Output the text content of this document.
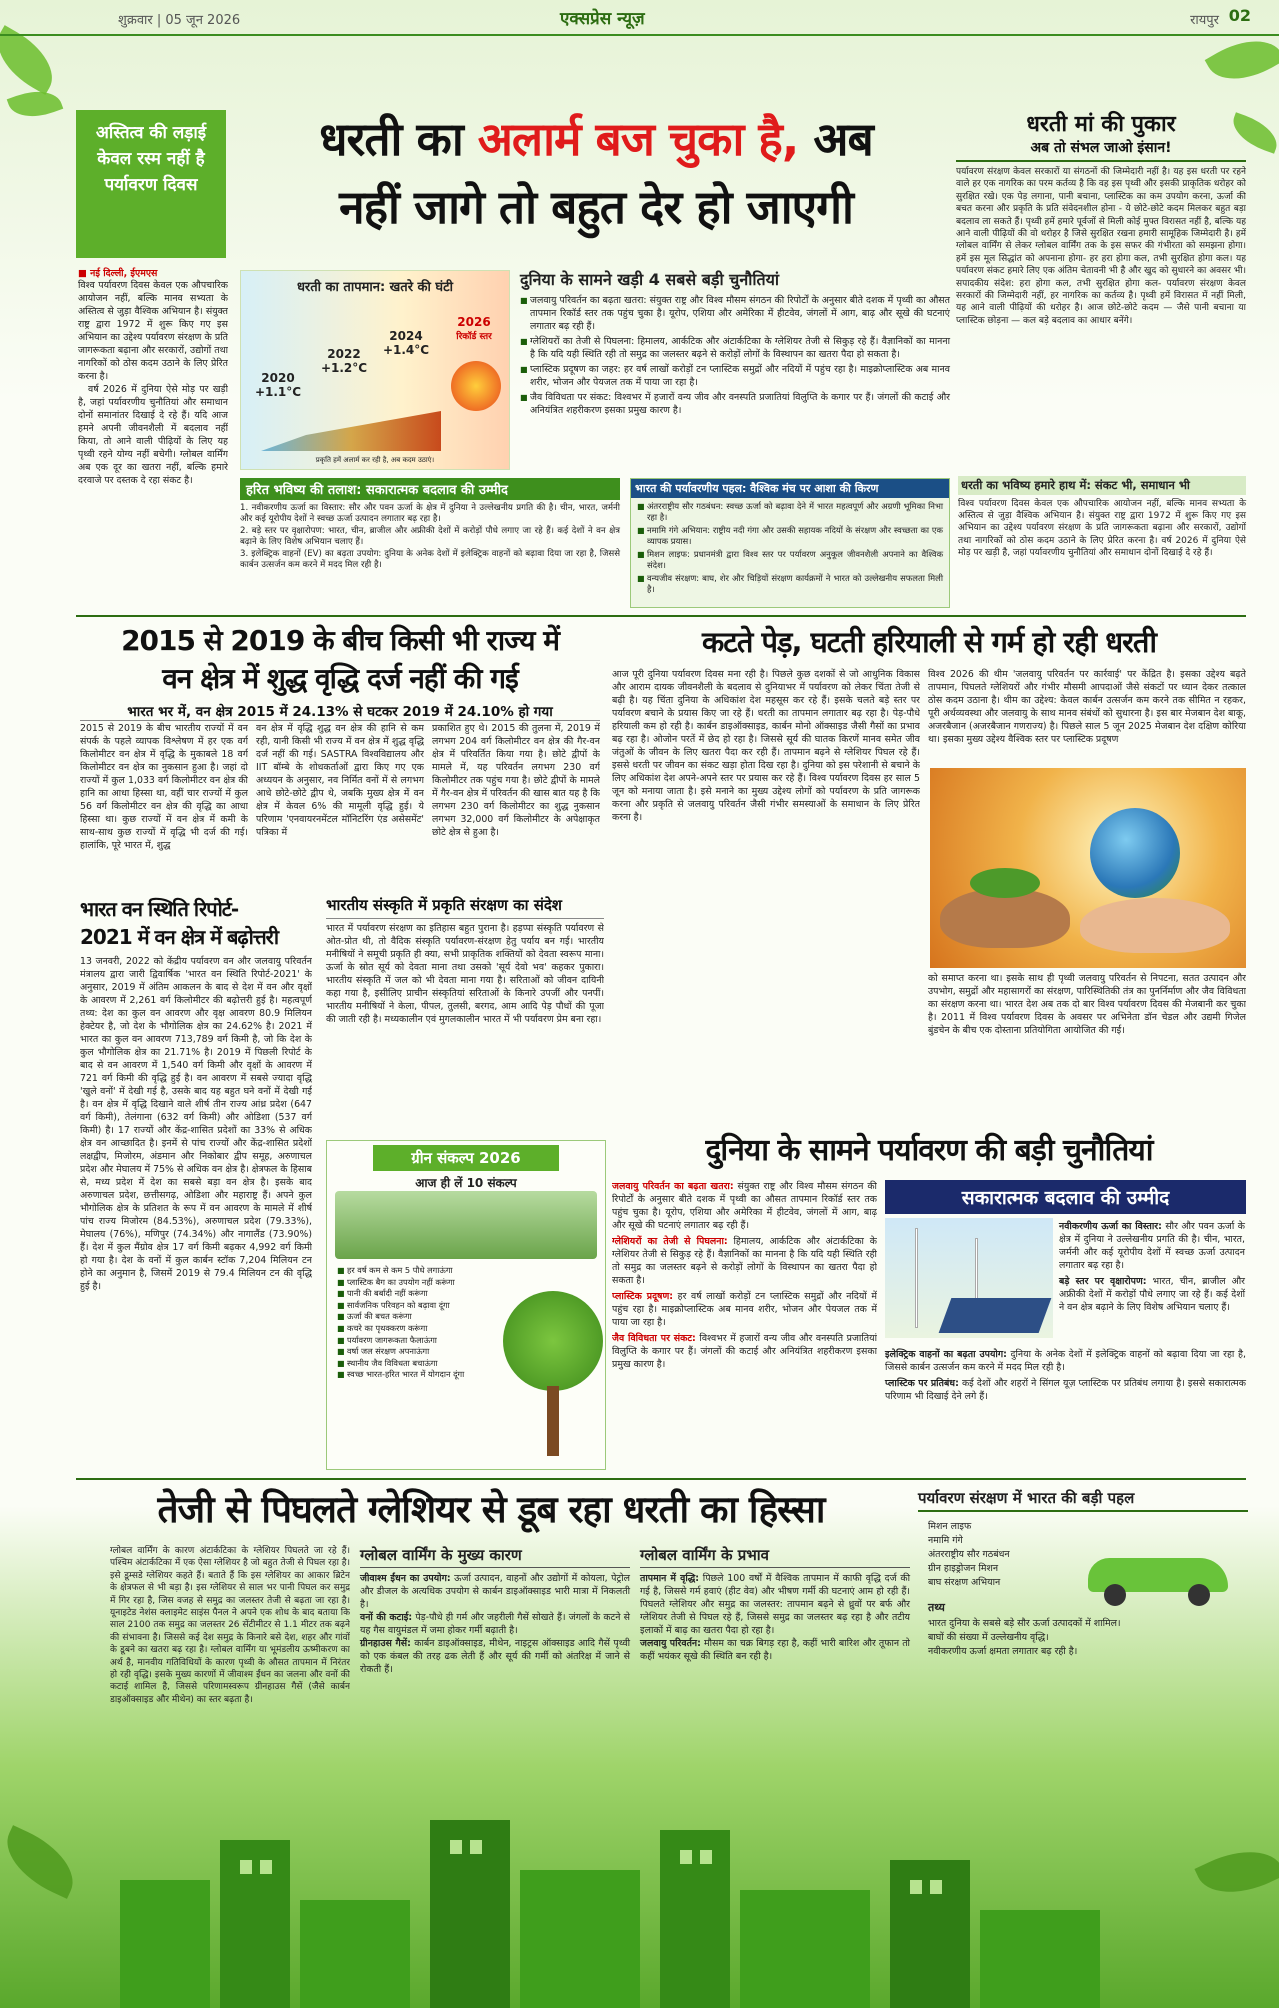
शुक्रवार | 05 जून 2026	एक्सप्रेस न्यूज़	रायपुर 02
अस्तित्व की लड़ाई केवल रस्म नहीं है पर्यावरण दिवस
धरती का अलार्म बज चुका है, अब
नहीं जागे तो बहुत देर हो जाएगी
धरती मां की पुकार
अब तो संभल जाओ इंसान!
पर्यावरण संरक्षण केवल सरकारों या संगठनों की जिम्मेदारी नहीं है। यह इस धरती पर रहने वाले हर एक नागरिक का परम कर्तव्य है कि वह इस पृथ्वी और इसकी प्राकृतिक धरोहर को सुरक्षित रखे। एक पेड़ लगाना, पानी बचाना, प्लास्टिक का कम उपयोग करना, ऊर्जा की बचत करना और प्रकृति के प्रति संवेदनशील होना - ये छोटे-छोटे कदम मिलकर बहुत बड़ा बदलाव ला सकते हैं। पृथ्वी हमें हमारे पूर्वजों से मिली कोई मुफ्त विरासत नहीं है, बल्कि यह आने वाली पीढ़ियों की वो धरोहर है जिसे सुरक्षित रखना हमारी सामूहिक जिम्मेदारी है। हमें ग्लोबल वार्मिंग से लेकर ग्लोबल वार्मिंग तक के इस सफर की गंभीरता को समझना होगा। हमें इस मूल सिद्धांत को अपनाना होगा- हर हरा होगा कल, तभी सुरक्षित होगा कल। यह पर्यावरण संकट हमारे लिए एक अंतिम चेतावनी भी है और खुद को सुधारने का अवसर भी। सपादकीय संदेश: हरा होगा कल, तभी सुरक्षित होगा कल- पर्यावरण संरक्षण केवल सरकारों की जिम्मेदारी नहीं, हर नागरिक का कर्तव्य है। पृथ्वी हमें विरासत में नहीं मिली, यह आने वाली पीढ़ियों की धरोहर है। आज छोटे-छोटे कदम — जैसे पानी बचाना या प्लास्टिक छोड़ना — कल बड़े बदलाव का आधार बनेंगे।
■ नई दिल्ली, ईएमएस
विश्व पर्यावरण दिवस केवल एक औपचारिक आयोजन नहीं, बल्कि मानव सभ्यता के अस्तित्व से जुड़ा वैश्विक अभियान है। संयुक्त राष्ट्र द्वारा 1972 में शुरू किए गए इस अभियान का उद्देश्य पर्यावरण संरक्षण के प्रति जागरूकता बढ़ाना और सरकारों, उद्योगों तथा नागरिकों को ठोस कदम उठाने के लिए प्रेरित करना है।
वर्ष 2026 में दुनिया ऐसे मोड़ पर खड़ी है, जहां पर्यावरणीय चुनौतियां और समाधान दोनों समानांतर दिखाई दे रहे हैं। यदि आज हमने अपनी जीवनशैली में बदलाव नहीं किया, तो आने वाली पीढ़ियों के लिए यह पृथ्वी रहने योग्य नहीं बचेगी। ग्लोबल वार्मिंग अब एक दूर का खतरा नहीं, बल्कि हमारे दरवाजे पर दस्तक दे रहा संकट है।
धरती का तापमान: खतरे की घंटी
2020
+1.1°C
2022
+1.2°C
2024
+1.4°C
2026
रिकॉर्ड स्तर
प्रकृति हमें अलार्म कर रही है, अब कदम उठाएं।
दुनिया के सामने खड़ी 4 सबसे बड़ी चुनौतियां
■ जलवायु परिवर्तन का बढ़ता खतरा: संयुक्त राष्ट्र और विश्व मौसम संगठन की रिपोर्टों के अनुसार बीते दशक में पृथ्वी का औसत तापमान रिकॉर्ड स्तर तक पहुंच चुका है। यूरोप, एशिया और अमेरिका में हीटवेव, जंगलों में आग, बाढ़ और सूखे की घटनाएं लगातार बढ़ रही हैं।
■ ग्लेशियरों का तेजी से पिघलना: हिमालय, आर्कटिक और अंटार्कटिका के ग्लेशियर तेजी से सिकुड़ रहे हैं। वैज्ञानिकों का मानना है कि यदि यही स्थिति रही तो समुद्र का जलस्तर बढ़ने से करोड़ों लोगों के विस्थापन का खतरा पैदा हो सकता है।
■ प्लास्टिक प्रदूषण का जहर: हर वर्ष लाखों करोड़ों टन प्लास्टिक समुद्रों और नदियों में पहुंच रहा है। माइक्रोप्लास्टिक अब मानव शरीर, भोजन और पेयजल तक में पाया जा रहा है।
■ जैव विविधता पर संकट: विश्वभर में हजारों वन्य जीव और वनस्पति प्रजातियां विलुप्ति के कगार पर हैं। जंगलों की कटाई और अनियंत्रित शहरीकरण इसका प्रमुख कारण है।
हरित भविष्य की तलाश: सकारात्मक बदलाव की उम्मीद
1. नवीकरणीय ऊर्जा का विस्तार: सौर और पवन ऊर्जा के क्षेत्र में दुनिया ने उल्लेखनीय प्रगति की है। चीन, भारत, जर्मनी और कई यूरोपीय देशों ने स्वच्छ ऊर्जा उत्पादन लगातार बढ़ रहा है।
2. बड़े स्तर पर वृक्षारोपण: भारत, चीन, ब्राजील और अफ्रीकी देशों में करोड़ों पौधे लगाए जा रहे हैं। कई देशों ने वन क्षेत्र बढ़ाने के लिए विशेष अभियान चलाए हैं।
3. इलेक्ट्रिक वाहनों (EV) का बढ़ता उपयोग: दुनिया के अनेक देशों में इलेक्ट्रिक वाहनों को बढ़ावा दिया जा रहा है, जिससे कार्बन उत्सर्जन कम करने में मदद मिल रही है।
भारत की पर्यावरणीय पहल: वैश्विक मंच पर आशा की किरण
■ अंतरराष्ट्रीय सौर गठबंधन: स्वच्छ ऊर्जा को बढ़ावा देने में भारत महत्वपूर्ण और अग्रणी भूमिका निभा रहा है।
■ नमामि गंगे अभियान: राष्ट्रीय नदी गंगा और उसकी सहायक नदियों के संरक्षण और स्वच्छता का एक व्यापक प्रयास।
■ मिशन लाइफ: प्रधानमंत्री द्वारा विश्व स्तर पर पर्यावरण अनुकूल जीवनशैली अपनाने का वैश्विक संदेश।
■ वन्यजीव संरक्षण: बाघ, शेर और चिड़ियों संरक्षण कार्यक्रमों ने भारत को उल्लेखनीय सफलता मिली है।
धरती का भविष्य हमारे हाथ में: संकट भी, समाधान भी
विश्व पर्यावरण दिवस केवल एक औपचारिक आयोजन नहीं, बल्कि मानव सभ्यता के अस्तित्व से जुड़ा वैश्विक अभियान है। संयुक्त राष्ट्र द्वारा 1972 में शुरू किए गए इस अभियान का उद्देश्य पर्यावरण संरक्षण के प्रति जागरूकता बढ़ाना और सरकारों, उद्योगों तथा नागरिकों को ठोस कदम उठाने के लिए प्रेरित करना है। वर्ष 2026 में दुनिया ऐसे मोड़ पर खड़ी है, जहां पर्यावरणीय चुनौतियां और समाधान दोनों दिखाई दे रहे हैं।
2015 से 2019 के बीच किसी भी राज्य में
वन क्षेत्र में शुद्ध वृद्धि दर्ज नहीं की गई
भारत भर में, वन क्षेत्र 2015 में 24.13% से घटकर 2019 में 24.10% हो गया
2015 से 2019 के बीच भारतीय राज्यों में वन संपर्क के पहले व्यापक विश्लेषण में हर एक वर्ग किलोमीटर वन क्षेत्र में वृद्धि के मुकाबले 18 वर्ग किलोमीटर वन क्षेत्र का नुकसान हुआ है। जहां दो राज्यों में कुल 1,033 वर्ग किलोमीटर वन क्षेत्र की हानि का आधा हिस्सा था, वहीं चार राज्यों में कुल 56 वर्ग किलोमीटर वन क्षेत्र की वृद्धि का आधा हिस्सा था। कुछ राज्यों में वन क्षेत्र में कमी के साथ-साथ कुछ राज्यों में वृद्धि भी दर्ज की गई। हालांकि, पूरे भारत में, शुद्ध
वन क्षेत्र में वृद्धि शुद्ध वन क्षेत्र की हानि से कम रही, यानी किसी भी राज्य में वन क्षेत्र में शुद्ध वृद्धि दर्ज नहीं की गई। SASTRA विश्वविद्यालय और IIT बॉम्बे के शोधकर्ताओं द्वारा किए गए एक अध्ययन के अनुसार, नव निर्मित वनों में से लगभग आधे छोटे-छोटे द्वीप थे, जबकि मुख्य क्षेत्र में वन क्षेत्र में केवल 6% की मामूली वृद्धि हुई। ये परिणाम 'एनवायरनमेंटल मॉनिटरिंग एंड असेसमेंट' पत्रिका में
प्रकाशित हुए थे। 2015 की तुलना में, 2019 में लगभग 204 वर्ग किलोमीटर वन क्षेत्र की गैर-वन क्षेत्र में परिवर्तित किया गया है। छोटे द्वीपों के मामले में, यह परिवर्तन लगभग 230 वर्ग किलोमीटर तक पहुंच गया है। छोटे द्वीपों के मामले में गैर-वन क्षेत्र में परिवर्तन की खास बात यह है कि लगभग 230 वर्ग किलोमीटर का शुद्ध नुकसान लगभग 32,000 वर्ग किलोमीटर के अपेक्षाकृत छोटे क्षेत्र से हुआ है।
कटते पेड़, घटती हरियाली से गर्म हो रही धरती
आज पूरी दुनिया पर्यावरण दिवस मना रही है। पिछले कुछ दशकों से जो आधुनिक विकास और आराम दायक जीवनशैली के बदलाव से दुनियाभर में पर्यावरण को लेकर चिंता तेजी से बढ़ी है। यह चिंता दुनिया के अधिकांश देश महसूस कर रहे हैं। इसके चलते बड़े स्तर पर पर्यावरण बचाने के प्रयास किए जा रहे हैं। धरती का तापमान लगातार बढ़ रहा है। पेड़-पौधे हरियाली कम हो रही है। कार्बन डाइऑक्साइड, कार्बन मोनो ऑक्साइड जैसी गैसों का प्रभाव बढ़ रहा है। ओजोन परतें में छेद हो रहा है। जिससे सूर्य की घातक किरणें मानव समेत जीव जंतुओं के जीवन के लिए खतरा पैदा कर रही हैं। तापमान बढ़ने से ग्लेशियर पिघल रहे हैं। इससे धरती पर जीवन का संकट खड़ा होता दिख रहा है। दुनिया को इस परेशानी से बचाने के लिए अधिकांश देश अपने-अपने स्तर पर प्रयास कर रहे हैं। विश्व पर्यावरण दिवस हर साल 5 जून को मनाया जाता है। इसे मनाने का मुख्य उद्देश्य लोगों को पर्यावरण के प्रति जागरूक करना और प्रकृति से जलवायु परिवर्तन जैसी गंभीर समस्याओं के समाधान के लिए प्रेरित करना है।
विश्व 2026 की थीम 'जलवायु परिवर्तन पर कार्रवाई' पर केंद्रित है। इसका उद्देश्य बढ़ते तापमान, पिघलते ग्लेशियरों और गंभीर मौसमी आपदाओं जैसे संकटों पर ध्यान देकर तत्काल ठोस कदम उठाना है। थीम का उद्देश्य: केवल कार्बन उत्सर्जन कम करने तक सीमित न रहकर, पूरी अर्थव्यवस्था और जलवायु के साथ मानव संबंधों को सुधारना है। इस बार मेजबान देश बाकू, अजरबैजान (अजरबैजान गणराज्य) है। पिछले साल 5 जून 2025 मेजबान देश दक्षिण कोरिया था। इसका मुख्य उद्देश्य वैश्विक स्तर पर प्लास्टिक प्रदूषण
को समाप्त करना था। इसके साथ ही पृथ्वी जलवायु परिवर्तन से निपटना, सतत उत्पादन और उपभोग, समुद्रों और महासागरों का संरक्षण, पारिस्थितिकी तंत्र का पुनर्निर्माण और जैव विविधता का संरक्षण करना था। भारत देश अब तक दो बार विश्व पर्यावरण दिवस की मेजबानी कर चुका है। 2011 में विश्व पर्यावरण दिवस के अवसर पर अभिनेता डॉन चेडल और उद्यमी गिजेल बुंडचेन के बीच एक दोस्ताना प्रतियोगिता आयोजित की गई।
भारत वन स्थिति रिपोर्ट-
2021 में वन क्षेत्र में बढ़ोत्तरी
13 जनवरी, 2022 को केंद्रीय पर्यावरण वन और जलवायु परिवर्तन मंत्रालय द्वारा जारी द्विवार्षिक 'भारत वन स्थिति रिपोर्ट-2021' के अनुसार, 2019 में अंतिम आकलन के बाद से देश में वन और वृक्षों के आवरण में 2,261 वर्ग किलोमीटर की बढ़ोत्तरी हुई है। महत्वपूर्ण तथ्य: देश का कुल वन आवरण और वृक्ष आवरण 80.9 मिलियन हेक्टेयर है, जो देश के भौगोलिक क्षेत्र का 24.62% है। 2021 में भारत का कुल वन आवरण 713,789 वर्ग किमी है, जो कि देश के कुल भौगोलिक क्षेत्र का 21.71% है। 2019 में पिछली रिपोर्ट के बाद से वन आवरण में 1,540 वर्ग किमी और वृक्षों के आवरण में 721 वर्ग किमी की वृद्धि हुई है। वन आवरण में सबसे ज्यादा वृद्धि 'खुले वनों' में देखी गई है, उसके बाद यह बहुत घने वनों में देखी गई है। वन क्षेत्र में वृद्धि दिखाने वाले शीर्ष तीन राज्य आंध्र प्रदेश (647 वर्ग किमी), तेलंगाना (632 वर्ग किमी) और ओडिशा (537 वर्ग किमी) है। 17 राज्यों और केंद्र-शासित प्रदेशों का 33% से अधिक क्षेत्र वन आच्छादित है। इनमें से पांच राज्यों और केंद्र-शासित प्रदेशों लक्षद्वीप, मिजोरम, अंडमान और निकोबार द्वीप समूह, अरुणाचल प्रदेश और मेघालय में 75% से अधिक वन क्षेत्र है। क्षेत्रफल के हिसाब से, मध्य प्रदेश में देश का सबसे बड़ा वन क्षेत्र है। इसके बाद अरुणाचल प्रदेश, छत्तीसगढ़, ओडिशा और महाराष्ट्र हैं। अपने कुल भौगोलिक क्षेत्र के प्रतिशत के रूप में वन आवरण के मामले में शीर्ष पांच राज्य मिजोरम (84.53%), अरुणाचल प्रदेश (79.33%), मेघालय (76%), मणिपुर (74.34%) और नागालैंड (73.90%) हैं। देश में कुल मैंग्रोव क्षेत्र 17 वर्ग किमी बढ़कर 4,992 वर्ग किमी हो गया है। देश के वनों में कुल कार्बन स्टॉक 7,204 मिलियन टन होने का अनुमान है, जिसमें 2019 से 79.4 मिलियन टन की वृद्धि हुई है।
भारतीय संस्कृति में प्रकृति संरक्षण का संदेश
भारत में पर्यावरण संरक्षण का इतिहास बहुत पुराना है। हड़प्पा संस्कृति पर्यावरण से ओत-प्रोत थी, तो वैदिक संस्कृति पर्यावरण-संरक्षण हेतु पर्याय बन गई। भारतीय मनीषियों ने समूची प्रकृति ही क्या, सभी प्राकृतिक शक्तियों को देवता स्वरूप माना। ऊर्जा के स्रोत सूर्य को देवता माना तथा उसको 'सूर्य देवो भव' कहकर पुकारा। भारतीय संस्कृति में जल को भी देवता माना गया है। सरिताओं को जीवन दायिनी कहा गया है, इसीलिए प्राचीन संस्कृतियां सरिताओं के किनारे उपजीं और पनपीं। भारतीय मनीषियों ने केला, पीपल, तुलसी, बरगद, आम आदि पेड़ पौधों की पूजा की जाती रही है। मध्यकालीन एवं मुगलकालीन भारत में भी पर्यावरण प्रेम बना रहा।
ग्रीन संकल्प 2026
आज ही लें 10 संकल्प
■ हर वर्ष कम से कम 5 पौधे लगाऊंगा
■ प्लास्टिक बैग का उपयोग नहीं करूंगा
■ पानी की बर्बादी नहीं करूंगा
■ सार्वजनिक परिवहन को बढ़ावा दूंगा
■ ऊर्जा की बचत करूंगा
■ कचरे का पृथक्करण करूंगा
■ पर्यावरण जागरूकता फैलाऊंगा
■ वर्षा जल संरक्षण अपनाऊंगा
■ स्थानीय जैव विविधता बचाऊंगा
■ स्वच्छ भारत-हरित भारत में योगदान दूंगा
दुनिया के सामने पर्यावरण की बड़ी चुनौतियां
जलवायु परिवर्तन का बढ़ता खतरा: संयुक्त राष्ट्र और विश्व मौसम संगठन की रिपोर्टों के अनुसार बीते दशक में पृथ्वी का औसत तापमान रिकॉर्ड स्तर तक पहुंच चुका है। यूरोप, एशिया और अमेरिका में हीटवेव, जंगलों में आग, बाढ़ और सूखे की घटनाएं लगातार बढ़ रही हैं।
ग्लेशियरों का तेजी से पिघलना: हिमालय, आर्कटिक और अंटार्कटिका के ग्लेशियर तेजी से सिकुड़ रहे हैं। वैज्ञानिकों का मानना है कि यदि यही स्थिति रही तो समुद्र का जलस्तर बढ़ने से करोड़ों लोगों के विस्थापन का खतरा पैदा हो सकता है।
प्लास्टिक प्रदूषण: हर वर्ष लाखों करोड़ों टन प्लास्टिक समुद्रों और नदियों में पहुंच रहा है। माइक्रोप्लास्टिक अब मानव शरीर, भोजन और पेयजल तक में पाया जा रहा है।
जैव विविधता पर संकट: विश्वभर में हजारों वन्य जीव और वनस्पति प्रजातियां विलुप्ति के कगार पर हैं। जंगलों की कटाई और अनियंत्रित शहरीकरण इसका प्रमुख कारण है।
सकारात्मक बदलाव की उम्मीद
नवीकरणीय ऊर्जा का विस्तार: सौर और पवन ऊर्जा के क्षेत्र में दुनिया ने उल्लेखनीय प्रगति की है। चीन, भारत, जर्मनी और कई यूरोपीय देशों में स्वच्छ ऊर्जा उत्पादन लगातार बढ़ रहा है।
बड़े स्तर पर वृक्षारोपण: भारत, चीन, ब्राजील और अफ्रीकी देशों में करोड़ों पौधे लगाए जा रहे हैं। कई देशों ने वन क्षेत्र बढ़ाने के लिए विशेष अभियान चलाए हैं।
इलेक्ट्रिक वाहनों का बढ़ता उपयोग: दुनिया के अनेक देशों में इलेक्ट्रिक वाहनों को बढ़ावा दिया जा रहा है, जिससे कार्बन उत्सर्जन कम करने में मदद मिल रही है।
प्लास्टिक पर प्रतिबंध: कई देशों और शहरों ने सिंगल यूज़ प्लास्टिक पर प्रतिबंध लगाया है। इससे सकारात्मक परिणाम भी दिखाई देने लगे हैं।
तेजी से पिघलते ग्लेशियर से डूब रहा धरती का हिस्सा
ग्लोबल वार्मिंग के कारण अंटार्कटिका के ग्लेशियर पिघलते जा रहे हैं। पश्चिम अंटार्कटिका में एक ऐसा ग्लेशियर है जो बहुत तेजी से पिघल रहा है। इसे डूम्सडे ग्लेशियर कहते हैं। बताते हैं कि इस ग्लेशियर का आकार ब्रिटेन के क्षेत्रफल से भी बड़ा है। इस ग्लेशियर से साल भर पानी पिघल कर समुद्र में गिर रहा है, जिस वजह से समुद्र का जलस्तर तेजी से बढ़ता जा रहा है। यूनाइटेड नेशंस क्लाइमेट साइंस पैनल ने अपने एक शोध के बाद बताया कि साल 2100 तक समुद्र का जलस्तर 26 सेंटीमीटर से 1.1 मीटर तक बढ़ने की संभावना है। जिससे कई देश समुद्र के किनारे बसे देश, शहर और गांवों के डूबने का खतरा बढ़ रहा है। ग्लोबल वार्मिंग या भूमंडलीय ऊष्मीकरण का अर्थ है, मानवीय गतिविधियों के कारण पृथ्वी के औसत तापमान में निरंतर हो रही वृद्धि। इसके मुख्य कारणों में जीवाश्म ईंधन का जलना और वनों की कटाई शामिल है, जिससे परिणामस्वरूप ग्रीनहाउस गैसें (जैसे कार्बन डाइऑक्साइड और मीथेन) का स्तर बढ़ता है।
ग्लोबल वार्मिंग के मुख्य कारण
जीवाश्म ईंधन का उपयोग: ऊर्जा उत्पादन, वाहनों और उद्योगों में कोयला, पेट्रोल और डीजल के अत्यधिक उपयोग से कार्बन डाइऑक्साइड भारी मात्रा में निकलती है।
वनों की कटाई: पेड़-पौधे ही गर्म और जहरीली गैसें सोखते हैं। जंगलों के कटने से यह गैस वायुमंडल में जमा होकर गर्मी बढ़ाती है।
ग्रीनहाउस गैसें: कार्बन डाइऑक्साइड, मीथेन, नाइट्रस ऑक्साइड आदि गैसें पृथ्वी को एक कंबल की तरह ढक लेती हैं और सूर्य की गर्मी को अंतरिक्ष में जाने से रोकती हैं।
ग्लोबल वार्मिंग के प्रभाव
तापमान में वृद्धि: पिछले 100 वर्षों में वैश्विक तापमान में काफी वृद्धि दर्ज की गई है, जिससे गर्म हवाएं (हीट वेव) और भीषण गर्मी की घटनाएं आम हो रही हैं। पिघलते ग्लेशियर और समुद्र का जलस्तर: तापमान बढ़ने से ध्रुवों पर बर्फ और ग्लेशियर तेजी से पिघल रहे हैं, जिससे समुद्र का जलस्तर बढ़ रहा है और तटीय इलाकों में बाढ़ का खतरा पैदा हो रहा है।
जलवायु परिवर्तन: मौसम का चक्र बिगड़ रहा है, कहीं भारी बारिश और तूफान तो कहीं भयंकर सूखे की स्थिति बन रही है।
पर्यावरण संरक्षण में भारत की बड़ी पहल
मिशन लाइफ
नमामि गंगे
अंतरराष्ट्रीय सौर गठबंधन
ग्रीन हाइड्रोजन मिशन
बाघ संरक्षण अभियान
तथ्य
भारत दुनिया के सबसे बड़े सौर ऊर्जा उत्पादकों में शामिल।
बाघों की संख्या में उल्लेखनीय वृद्धि।
नवीकरणीय ऊर्जा क्षमता लगातार बढ़ रही है।
